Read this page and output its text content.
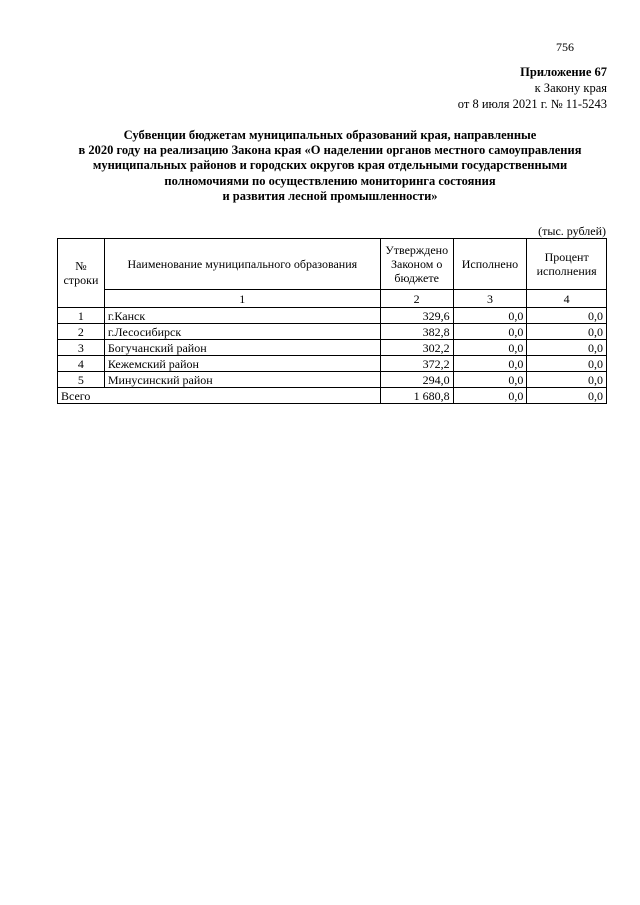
756
Приложение 67
к Закону края
от 8 июля 2021 г. № 11-5243
Субвенции бюджетам муниципальных образований края, направленные
в 2020 году на реализацию Закона края «О наделении органов местного самоуправления
муниципальных районов и городских округов края отдельными государственными
полномочиями по осуществлению мониторинга состояния
и развития лесной промышленности»
(тыс. рублей)
№ строки	Наименование муниципального образования	Утверждено Законом о бюджете	Исполнено	Процент исполнения
	1	2	3	4
1	г.Канск	329,6	0,0	0,0
2	г.Лесосибирск	382,8	0,0	0,0
3	Богучанский район	302,2	0,0	0,0
4	Кежемский район	372,2	0,0	0,0
5	Минусинский район	294,0	0,0	0,0
Всего		1 680,8	0,0	0,0
